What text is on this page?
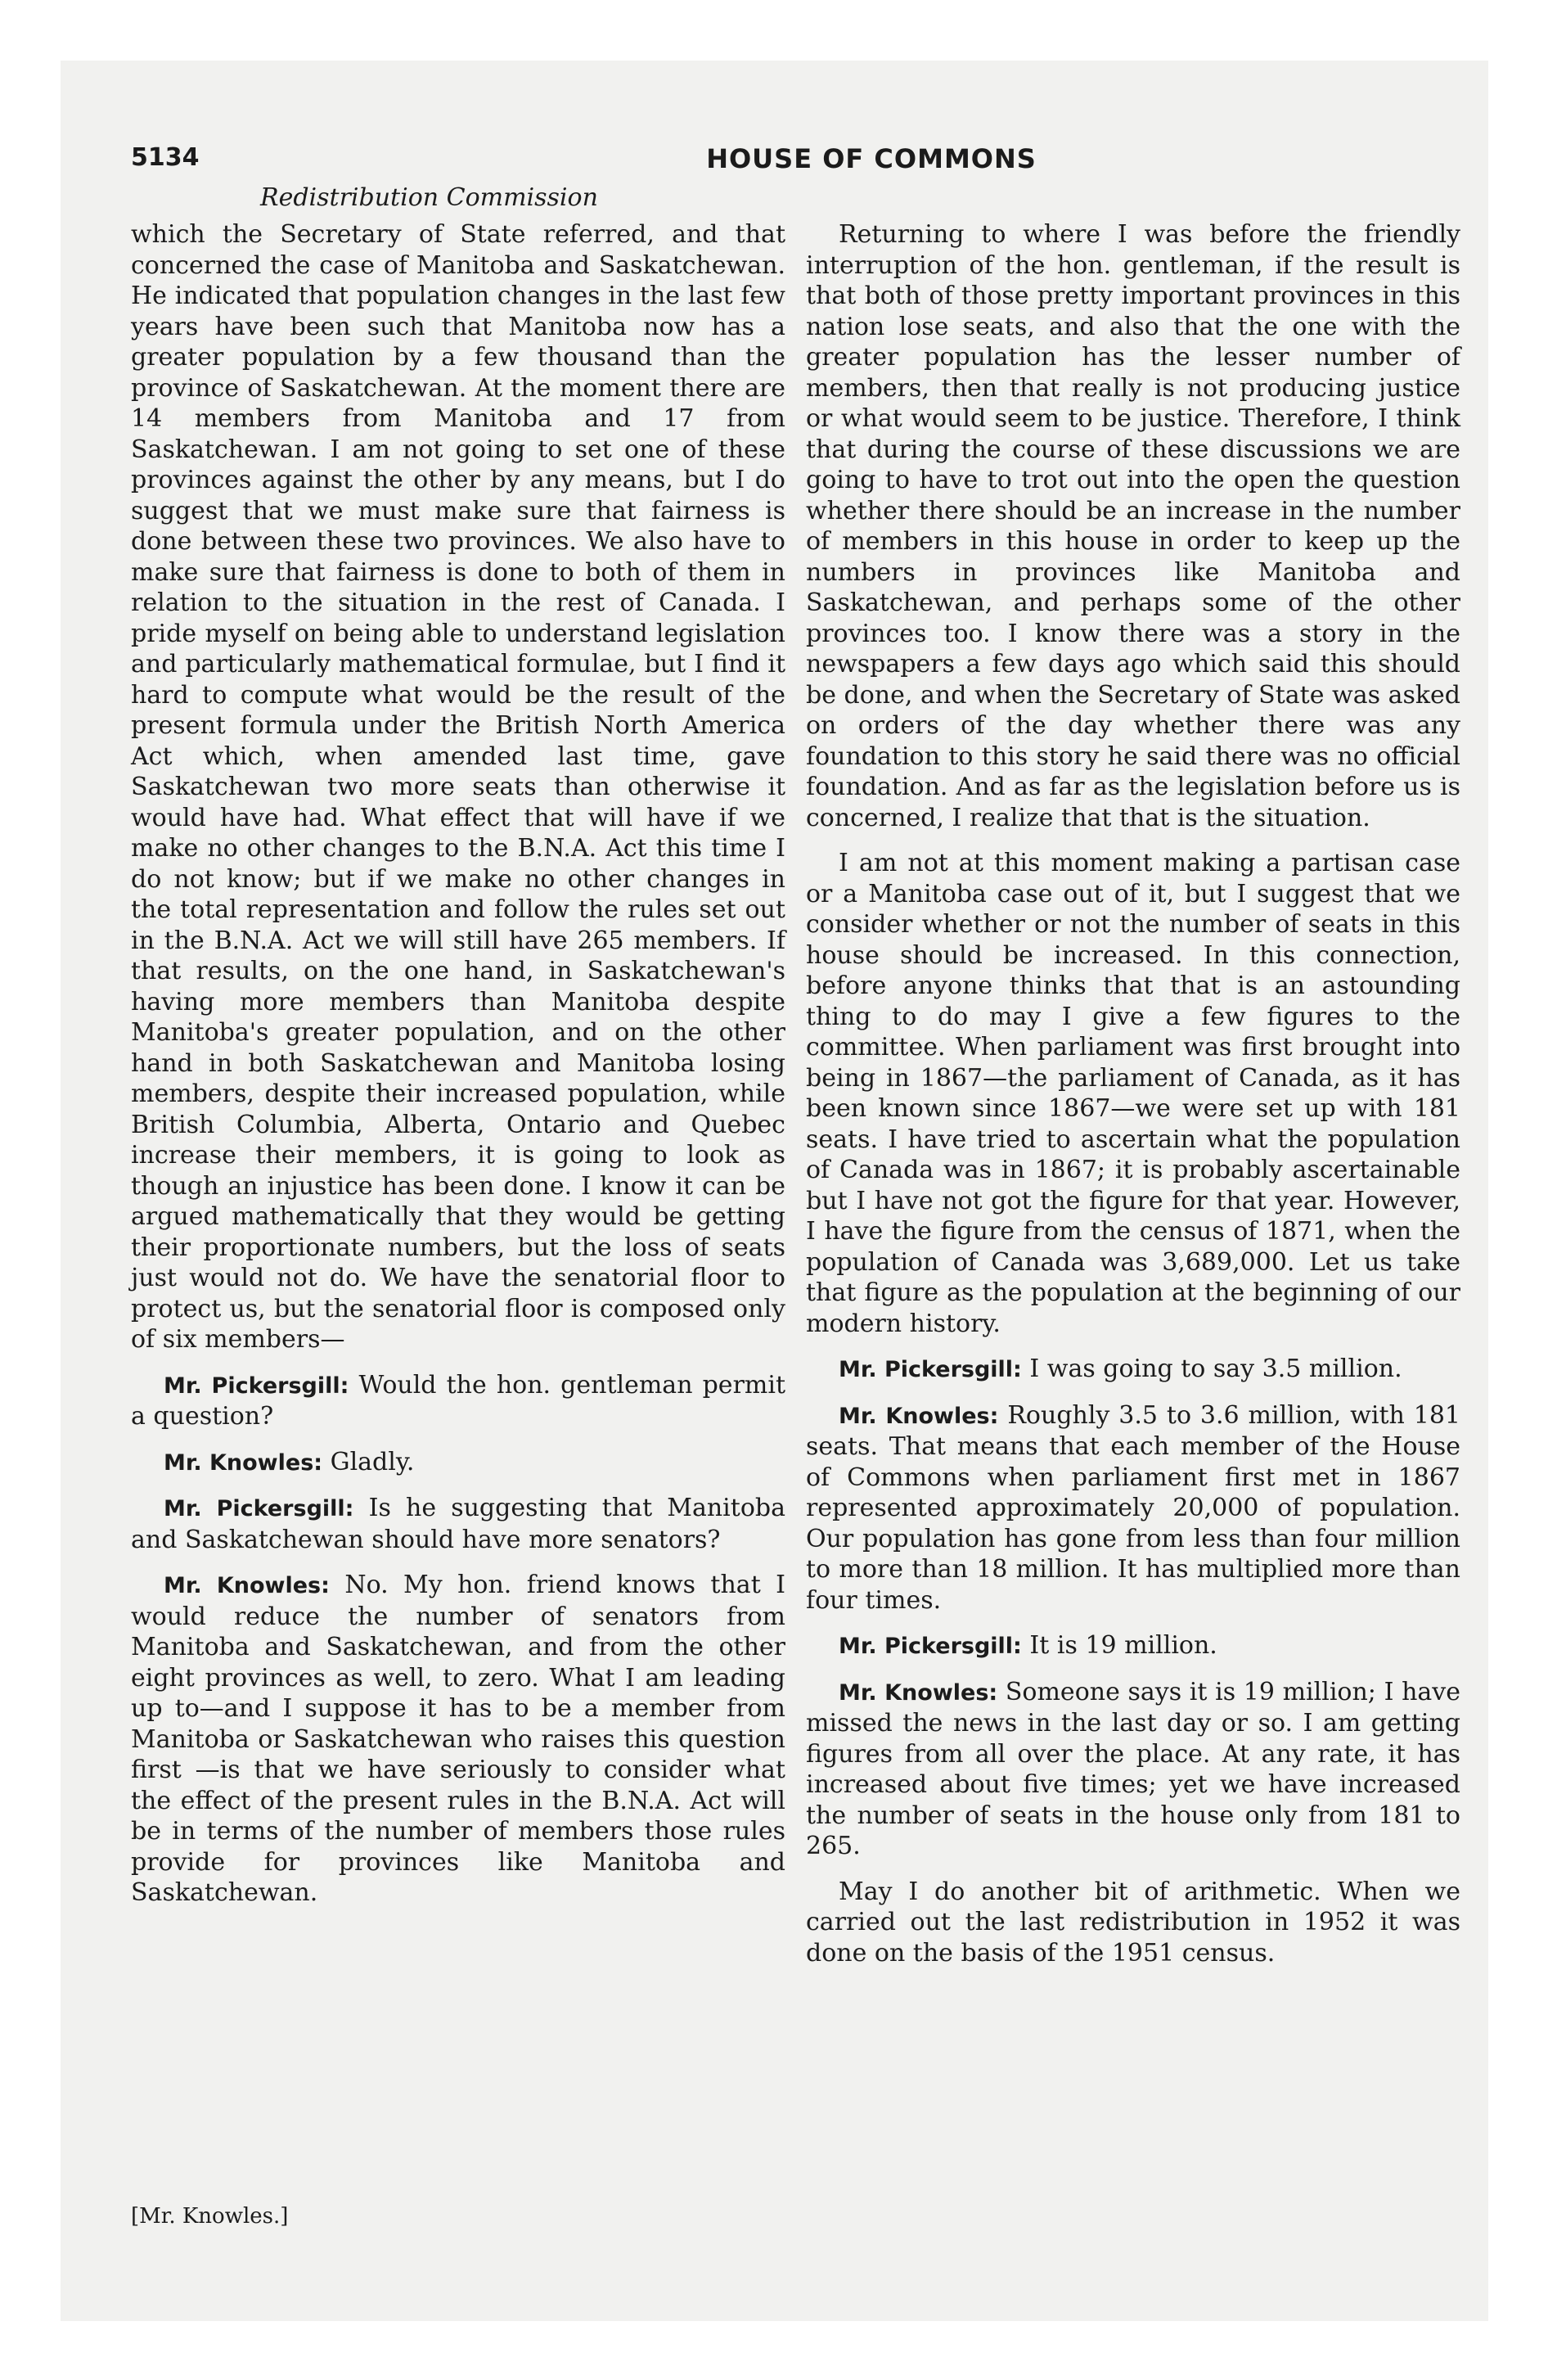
5134	HOUSE OF COMMONS
Redistribution Commission

which the Secretary of State referred, and that concerned the case of Manitoba and Saskatchewan. He indicated that population changes in the last few years have been such that Manitoba now has a greater population by a few thousand than the province of Saskatchewan. At the moment there are 14 members from Manitoba and 17 from Saskatchewan. I am not going to set one of these provinces against the other by any means, but I do suggest that we must make sure that fairness is done between these two provinces. We also have to make sure that fairness is done to both of them in relation to the situation in the rest of Canada. I pride myself on being able to understand legislation and particularly mathematical formulae, but I find it hard to compute what would be the result of the present formula under the British North America Act which, when amended last time, gave Saskatchewan two more seats than otherwise it would have had. What effect that will have if we make no other changes to the B.N.A. Act this time I do not know; but if we make no other changes in the total representation and follow the rules set out in the B.N.A. Act we will still have 265 members. If that results, on the one hand, in Saskatchewan's having more members than Manitoba despite Manitoba's greater population, and on the other hand in both Saskatchewan and Manitoba losing members, despite their increased population, while British Columbia, Alberta, Ontario and Quebec increase their members, it is going to look as though an injustice has been done. I know it can be argued mathematically that they would be getting their proportionate numbers, but the loss of seats just would not do. We have the senatorial floor to protect us, but the senatorial floor is composed only of six members—

Mr. Pickersgill: Would the hon. gentleman permit a question?

Mr. Knowles: Gladly.

Mr. Pickersgill: Is he suggesting that Manitoba and Saskatchewan should have more senators?

Mr. Knowles: No. My hon. friend knows that I would reduce the number of senators from Manitoba and Saskatchewan, and from the other eight provinces as well, to zero. What I am leading up to—and I suppose it has to be a member from Manitoba or Saskatchewan who raises this question first —is that we have seriously to consider what the effect of the present rules in the B.N.A. Act will be in terms of the number of members those rules provide for provinces like Manitoba and Saskatchewan.

Returning to where I was before the friendly interruption of the hon. gentleman, if the result is that both of those pretty important provinces in this nation lose seats, and also that the one with the greater population has the lesser number of members, then that really is not producing justice or what would seem to be justice. Therefore, I think that during the course of these discussions we are going to have to trot out into the open the question whether there should be an increase in the number of members in this house in order to keep up the numbers in provinces like Manitoba and Saskatchewan, and perhaps some of the other provinces too. I know there was a story in the newspapers a few days ago which said this should be done, and when the Secretary of State was asked on orders of the day whether there was any foundation to this story he said there was no official foundation. And as far as the legislation before us is concerned, I realize that that is the situation.

I am not at this moment making a partisan case or a Manitoba case out of it, but I suggest that we consider whether or not the number of seats in this house should be increased. In this connection, before anyone thinks that that is an astounding thing to do may I give a few figures to the committee. When parliament was first brought into being in 1867—the parliament of Canada, as it has been known since 1867—we were set up with 181 seats. I have tried to ascertain what the population of Canada was in 1867; it is probably ascertainable but I have not got the figure for that year. However, I have the figure from the census of 1871, when the population of Canada was 3,689,000. Let us take that figure as the population at the beginning of our modern history.

Mr. Pickersgill: I was going to say 3.5 million.

Mr. Knowles: Roughly 3.5 to 3.6 million, with 181 seats. That means that each member of the House of Commons when parliament first met in 1867 represented approximately 20,000 of population. Our population has gone from less than four million to more than 18 million. It has multiplied more than four times.

Mr. Pickersgill: It is 19 million.

Mr. Knowles: Someone says it is 19 million; I have missed the news in the last day or so. I am getting figures from all over the place. At any rate, it has increased about five times; yet we have increased the number of seats in the house only from 181 to 265.

May I do another bit of arithmetic. When we carried out the last redistribution in 1952 it was done on the basis of the 1951 census.

[Mr. Knowles.]
